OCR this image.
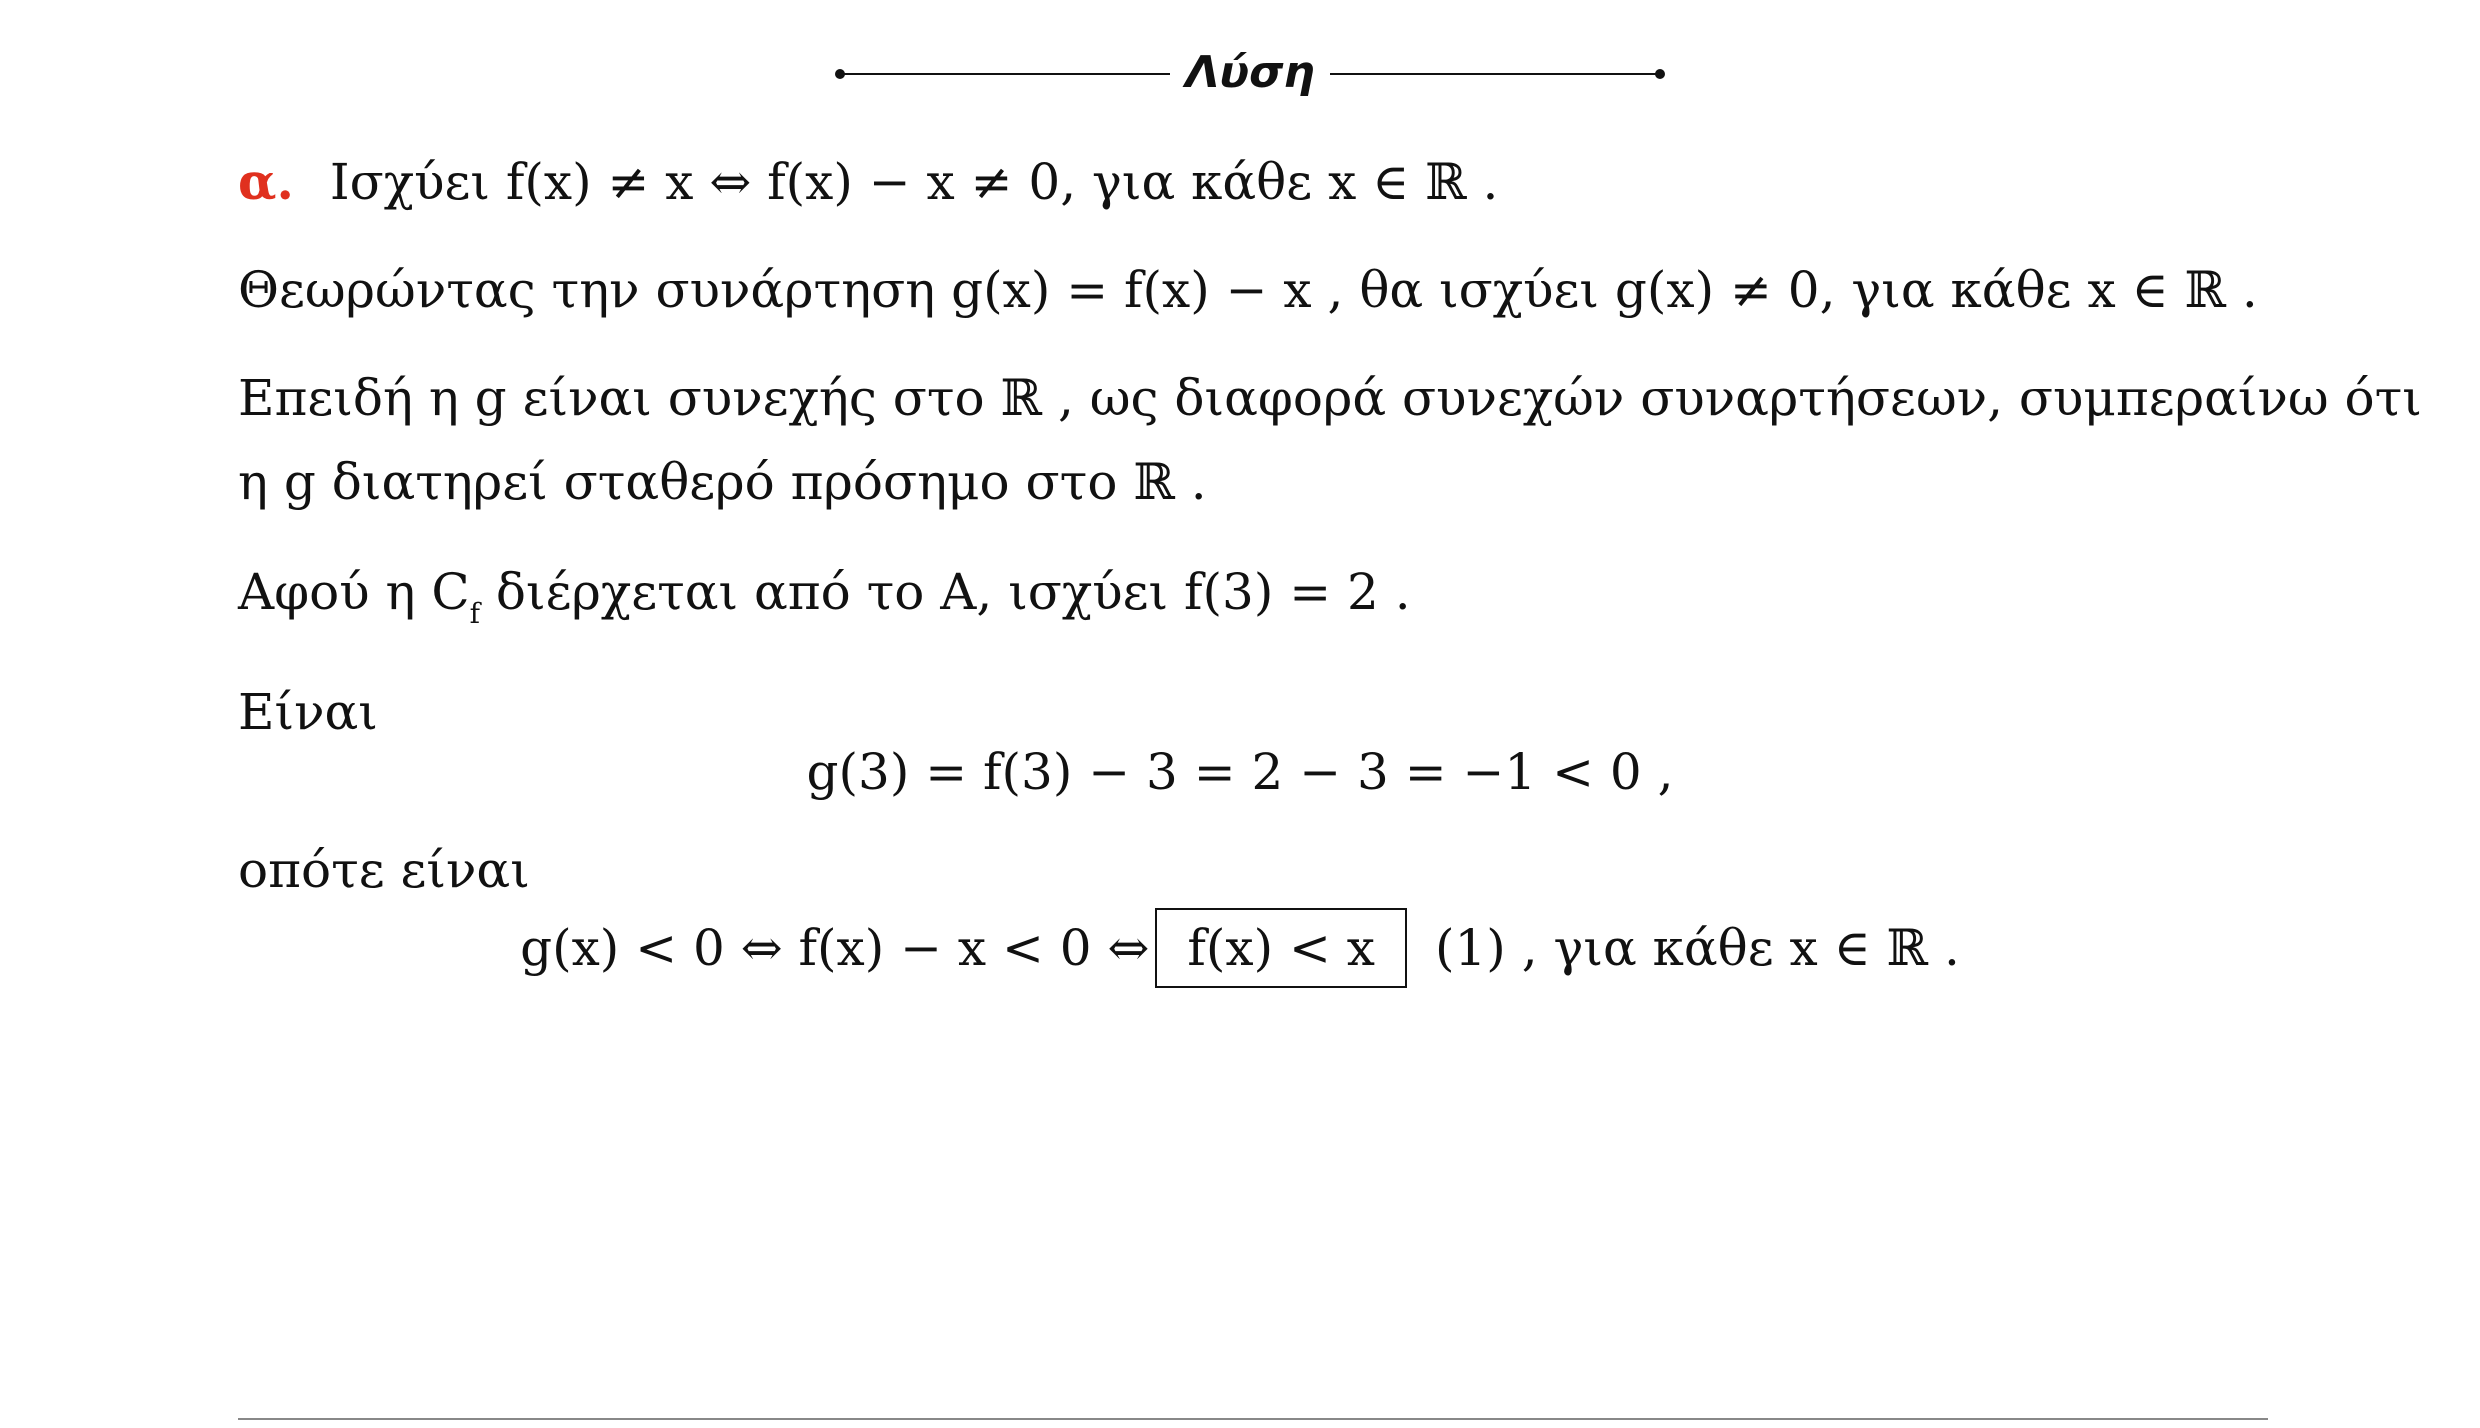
Λύση
α. Ισχύει f(x) ≠ x ⇔ f(x) − x ≠ 0, για κάθε x ∈ ℝ .
Θεωρώντας την συνάρτηση g(x) = f(x) − x , θα ισχύει g(x) ≠ 0, για κάθε x ∈ ℝ .
Επειδή η g είναι συνεχής στο ℝ , ως διαφορά συνεχών συναρτήσεων, συμπεραίνω ότι
η g διατηρεί σταθερό πρόσημο στο ℝ .
Αφού η $C_f$ διέρχεται από το Α, ισχύει f(3) = 2 .
Είναι
g(3) = f(3) − 3 = 2 − 3 = −1 < 0 ,
οπότε είναι
g(x) < 0 ⇔ f(x) − x < 0 ⇔ f(x) < x (1) , για κάθε x ∈ ℝ .
